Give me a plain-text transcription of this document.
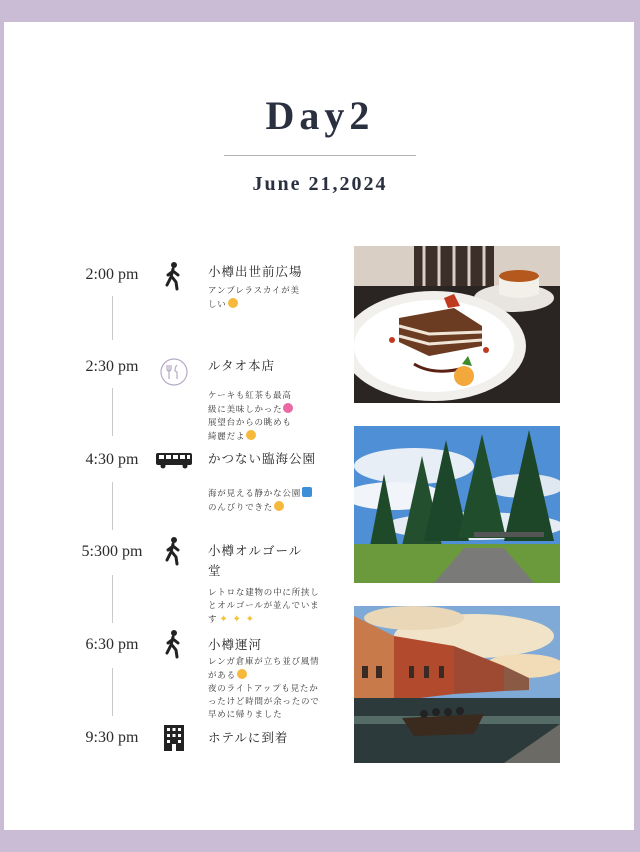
Day2
June 21,2024
2:00 pm	小樽出世前広場
アンブレラスカイが美
しい
2:30 pm	ルタオ本店
ケーキも紅茶も最高
級に美味しかった
展望台からの眺めも
綺麗だよ
4:30 pm	かつない臨海公園
海が見える静かな公園
のんびりできた
5:300 pm	小樽オルゴール
堂
レトロな建物の中に所挟し
とオルゴールが並んでいま
す ✦ ✦ ✦
6:30 pm	小樽運河
レンガ倉庫が立ち並び風情
がある
夜のライトアップも見たか
ったけど時間が余ったので
早めに帰りました
9:30 pm	ホテルに到着
